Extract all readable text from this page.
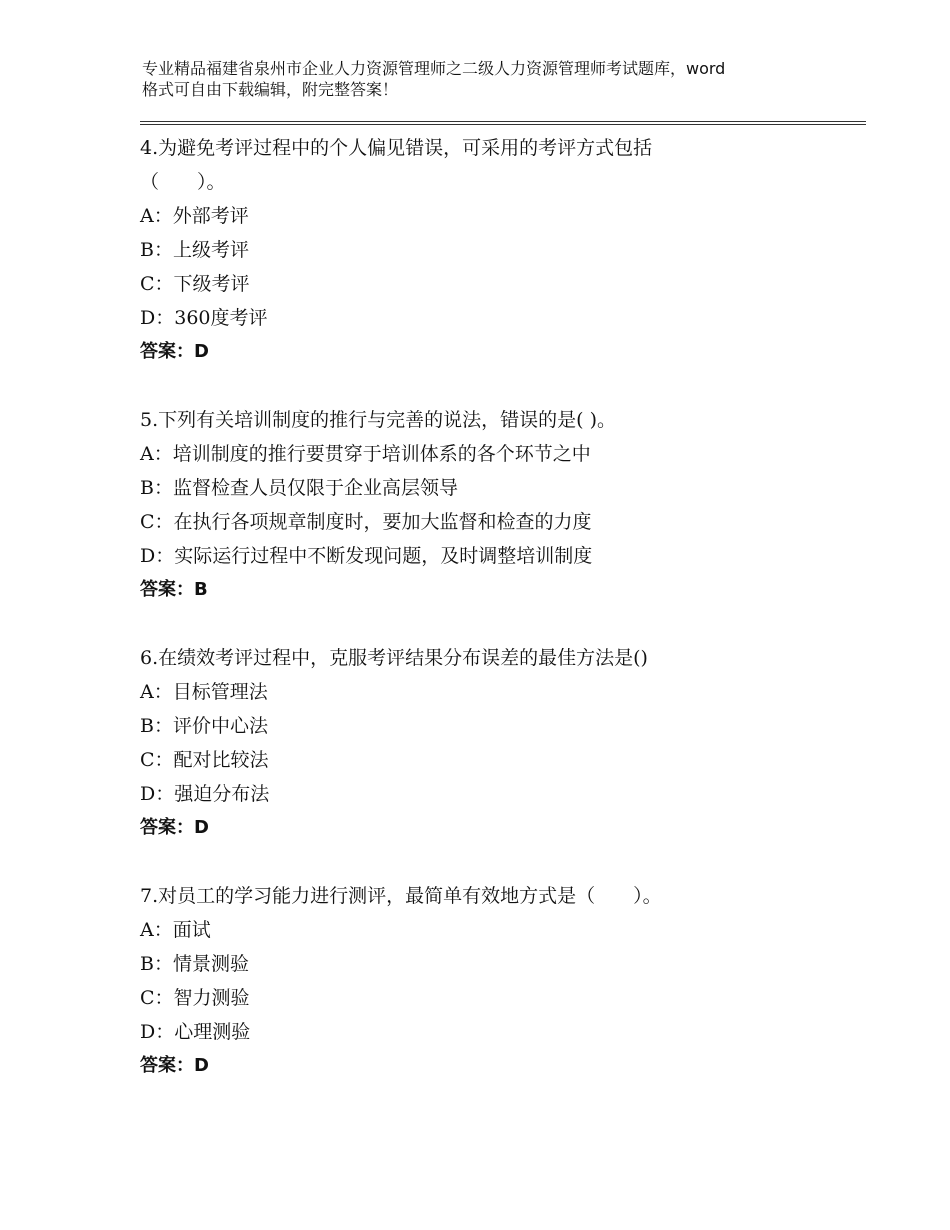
专业精品福建省泉州市企业人力资源管理师之二级人力资源管理师考试题库，word
格式可自由下载编辑，附完整答案！
4.为避免考评过程中的个人偏见错误，可采用的考评方式包括
（　　）。
A：外部考评
B：上级考评
C：下级考评
D：360度考评
答案：D
5.下列有关培训制度的推行与完善的说法，错误的是( )。
A：培训制度的推行要贯穿于培训体系的各个环节之中
B：监督检查人员仅限于企业高层领导
C：在执行各项规章制度时，要加大监督和检查的力度
D：实际运行过程中不断发现问题，及时调整培训制度
答案：B
6.在绩效考评过程中，克服考评结果分布误差的最佳方法是()
A：目标管理法
B：评价中心法
C：配对比较法
D：强迫分布法
答案：D
7.对员工的学习能力进行测评，最简单有效地方式是（　　）。
A：面试
B：情景测验
C：智力测验
D：心理测验
答案：D
